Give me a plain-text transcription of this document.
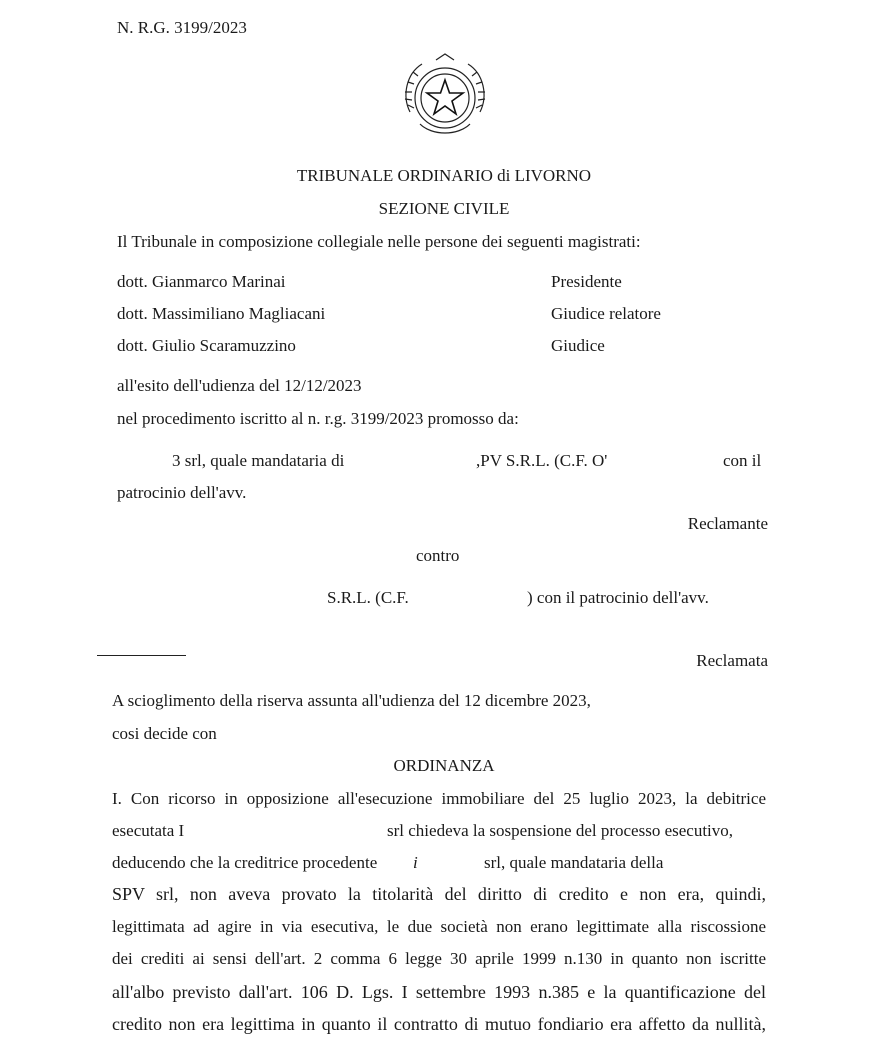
N. R.G. 3199/2023
TRIBUNALE ORDINARIO di LIVORNO
SEZIONE CIVILE
Il Tribunale in composizione collegiale nelle persone dei seguenti magistrati:
dott. Gianmarco Marinai	Presidente
dott. Massimiliano Magliacani	Giudice relatore
dott. Giulio Scaramuzzino	Giudice
all'esito dell'udienza del 12/12/2023
nel procedimento iscritto al n. r.g. 3199/2023 promosso da:
3 srl, quale mandataria di	,PV S.R.L. (C.F. O'	con il
patrocinio dell'avv.
Reclamante
contro
S.R.L. (C.F.	) con il patrocinio dell'avv.
Reclamata
A scioglimento della riserva assunta all'udienza del 12 dicembre 2023,
cosi decide con
ORDINANZA
I. Con ricorso in opposizione all'esecuzione immobiliare del 25 luglio 2023, la debitrice
esecutata I	srl chiedeva la sospensione del processo esecutivo,
deducendo che la creditrice procedente i	srl, quale mandataria della
SPV srl, non aveva provato la titolarità del diritto di credito e non era, quindi,
legittimata ad agire in via esecutiva, le due società non erano legittimate alla riscossione
dei crediti ai sensi dell'art. 2 comma 6 legge 30 aprile 1999 n.130 in quanto non iscritte
all'albo previsto dall'art. 106 D. Lgs. I settembre 1993 n.385 e la quantificazione del
credito non era legittima in quanto il contratto di mutuo fondiario era affetto da nullità,
